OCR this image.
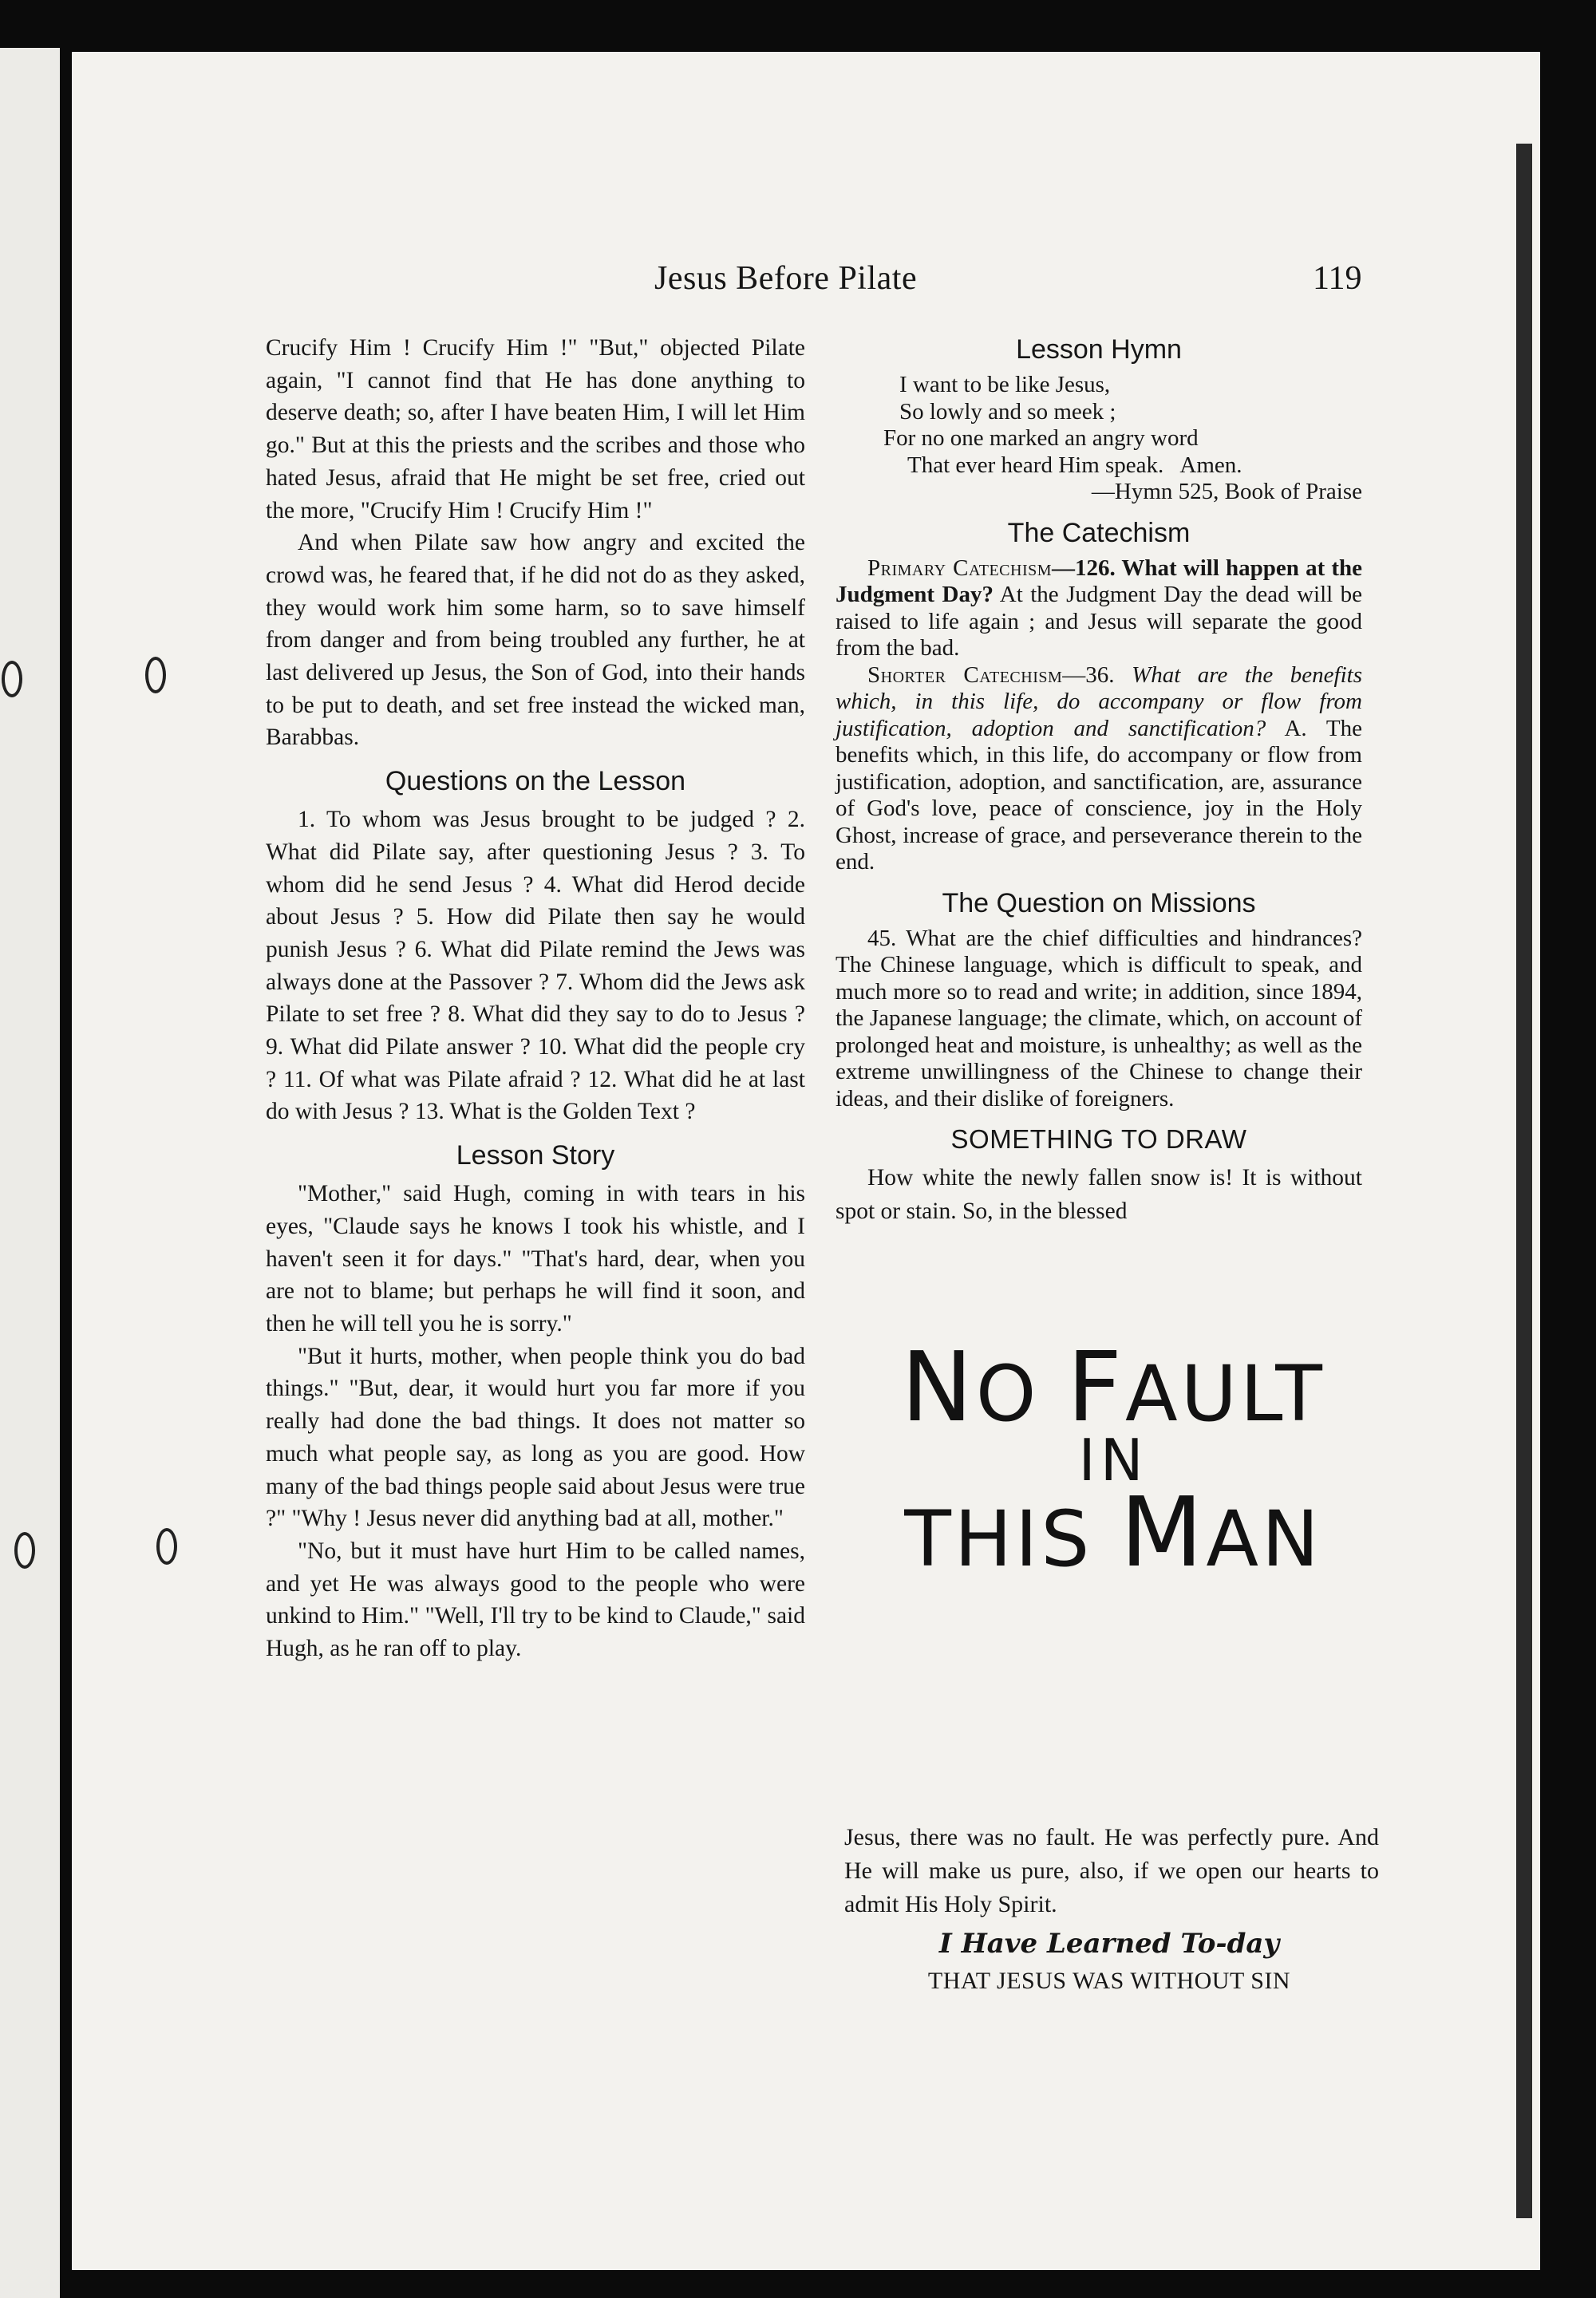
Jesus Before Pilate	119

Crucify Him ! Crucify Him !" "But," objected Pilate again, "I cannot find that He has done anything to deserve death; so, after I have beaten Him, I will let Him go." But at this the priests and the scribes and those who hated Jesus, afraid that He might be set free, cried out the more, "Crucify Him ! Crucify Him !"

And when Pilate saw how angry and excited the crowd was, he feared that, if he did not do as they asked, they would work him some harm, so to save himself from danger and from being troubled any further, he at last delivered up Jesus, the Son of God, into their hands to be put to death, and set free instead the wicked man, Barabbas.

Questions on the Lesson

1. To whom was Jesus brought to be judged ? 2. What did Pilate say, after questioning Jesus ? 3. To whom did he send Jesus ? 4. What did Herod decide about Jesus ? 5. How did Pilate then say he would punish Jesus ? 6. What did Pilate remind the Jews was always done at the Passover ? 7. Whom did the Jews ask Pilate to set free ? 8. What did they say to do to Jesus ? 9. What did Pilate answer ? 10. What did the people cry ? 11. Of what was Pilate afraid ? 12. What did he at last do with Jesus ? 13. What is the Golden Text ?

Lesson Story

"Mother," said Hugh, coming in with tears in his eyes, "Claude says he knows I took his whistle, and I haven't seen it for days." "That's hard, dear, when you are not to blame; but perhaps he will find it soon, and then he will tell you he is sorry."

"But it hurts, mother, when people think you do bad things." "But, dear, it would hurt you far more if you really had done the bad things. It does not matter so much what people say, as long as you are good. How many of the bad things people said about Jesus were true ?" "Why ! Jesus never did anything bad at all, mother."

"No, but it must have hurt Him to be called names, and yet He was always good to the people who were unkind to Him." "Well, I'll try to be kind to Claude," said Hugh, as he ran off to play.

Lesson Hymn
I want to be like Jesus,
So lowly and so meek ;
For no one marked an angry word
That ever heard Him speak.   Amen.
—Hymn 525, Book of Praise
The Catechism

Primary Catechism—126. What will happen at the Judgment Day? At the Judgment Day the dead will be raised to life again ; and Jesus will separate the good from the bad.

Shorter Catechism—36. What are the benefits which, in this life, do accompany or flow from justification, adoption and sanctification? A. The benefits which, in this life, do accompany or flow from justification, adoption, and sanctification, are, assurance of God's love, peace of conscience, joy in the Holy Ghost, increase of grace, and perseverance therein to the end.

The Question on Missions

45. What are the chief difficulties and hindrances? The Chinese language, which is difficult to speak, and much more so to read and write; in addition, since 1894, the Japanese language; the climate, which, on account of prolonged heat and moisture, is unhealthy; as well as the extreme unwillingness of the Chinese to change their ideas, and their dislike of foreigners.

SOMETHING TO DRAW

How white the newly fallen snow is! It is without spot or stain. So, in the blessed

NO FAULT
IN
THIS MAN

Jesus, there was no fault. He was perfectly pure. And He will make us pure, also, if we open our hearts to admit His Holy Spirit.

I Have Learned To-day
THAT JESUS WAS WITHOUT SIN
